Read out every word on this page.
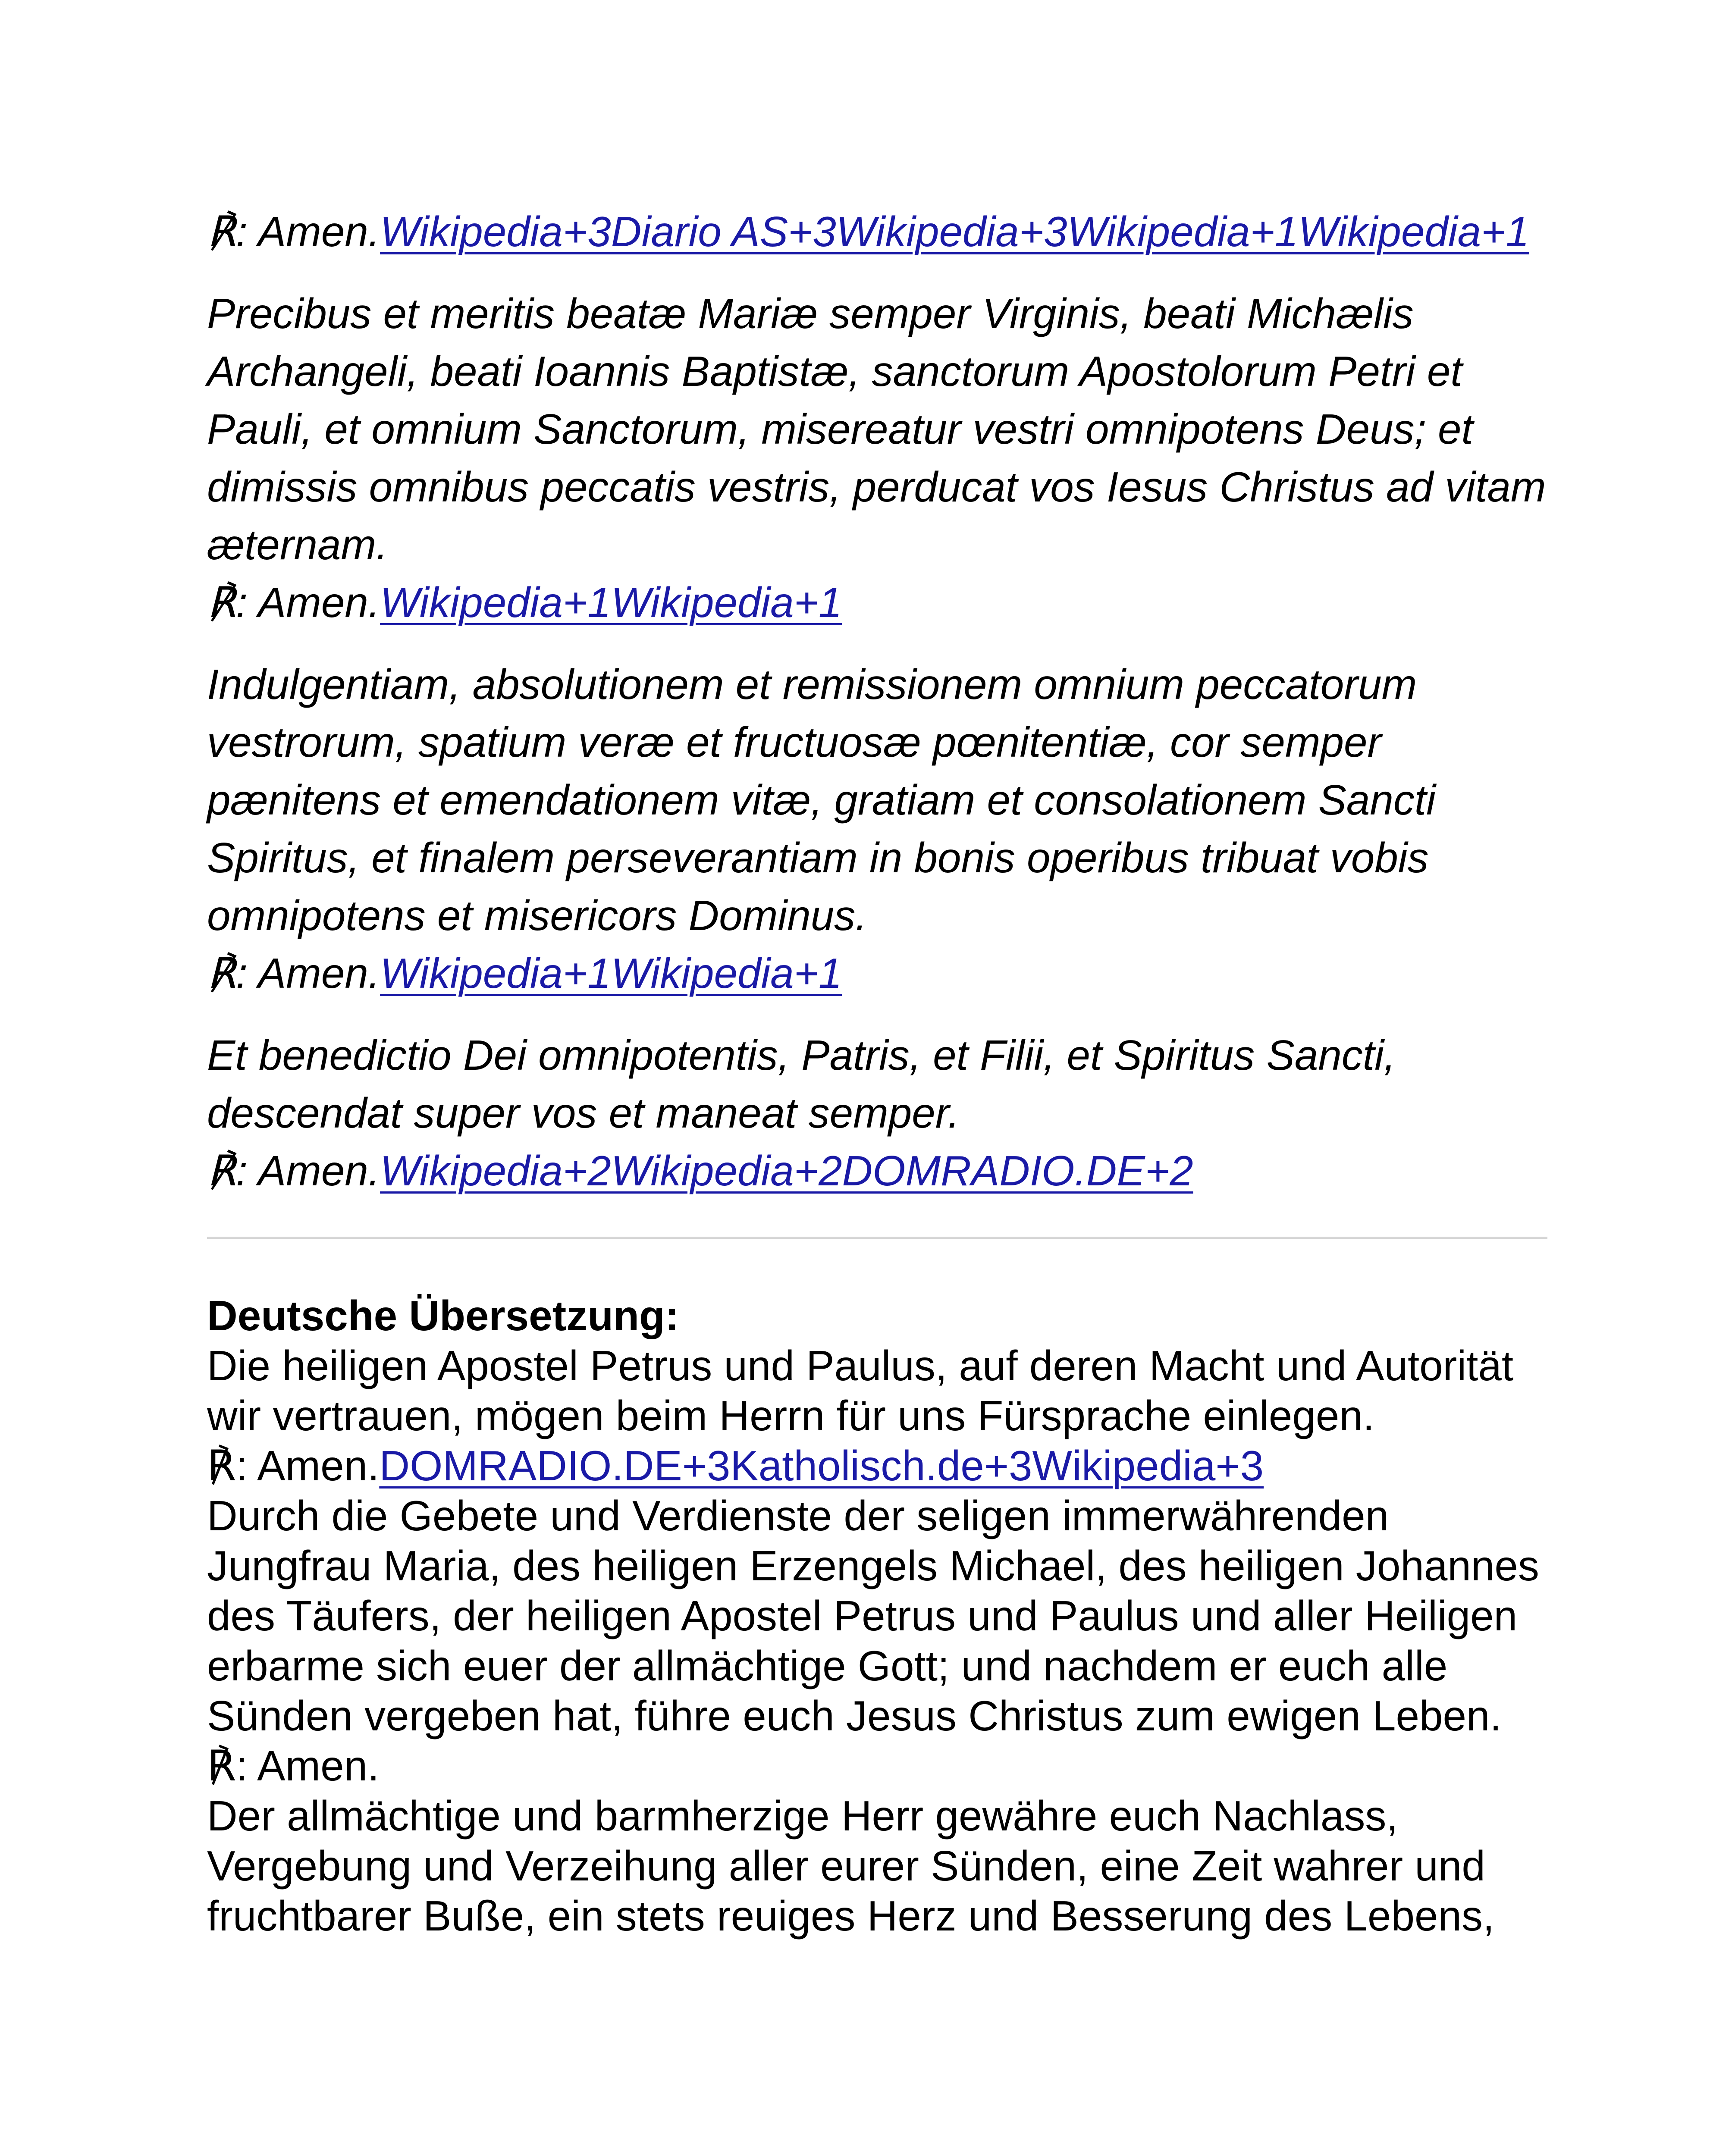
℟: Amen.Wikipedia+3Diario AS+3Wikipedia+3Wikipedia+1Wikipedia+1

Precibus et meritis beatæ Mariæ semper Virginis, beati Michælis Archangeli, beati Ioannis Baptistæ, sanctorum Apostolorum Petri et Pauli, et omnium Sanctorum, misereatur vestri omnipotens Deus; et dimissis omnibus peccatis vestris, perducat vos Iesus Christus ad vitam æternam.
℟: Amen.Wikipedia+1Wikipedia+1

Indulgentiam, absolutionem et remissionem omnium peccatorum vestrorum, spatium veræ et fructuosæ pœnitentiæ, cor semper pænitens et emendationem vitæ, gratiam et consolationem Sancti Spiritus, et finalem perseverantiam in bonis operibus tribuat vobis omnipotens et misericors Dominus.
℟: Amen.Wikipedia+1Wikipedia+1

Et benedictio Dei omnipotentis, Patris, et Filii, et Spiritus Sancti, descendat super vos et maneat semper.
℟: Amen.Wikipedia+2Wikipedia+2DOMRADIO.DE+2

Deutsche Übersetzung:
Die heiligen Apostel Petrus und Paulus, auf deren Macht und Autorität wir vertrauen, mögen beim Herrn für uns Fürsprache einlegen.
℟: Amen.DOMRADIO.DE+3Katholisch.de+3Wikipedia+3
Durch die Gebete und Verdienste der seligen immerwährenden Jungfrau Maria, des heiligen Erzengels Michael, des heiligen Johannes des Täufers, der heiligen Apostel Petrus und Paulus und aller Heiligen erbarme sich euer der allmächtige Gott; und nachdem er euch alle Sünden vergeben hat, führe euch Jesus Christus zum ewigen Leben.
℟: Amen.
Der allmächtige und barmherzige Herr gewähre euch Nachlass, Vergebung und Verzeihung aller eurer Sünden, eine Zeit wahrer und fruchtbarer Buße, ein stets reuiges Herz und Besserung des Lebens,
